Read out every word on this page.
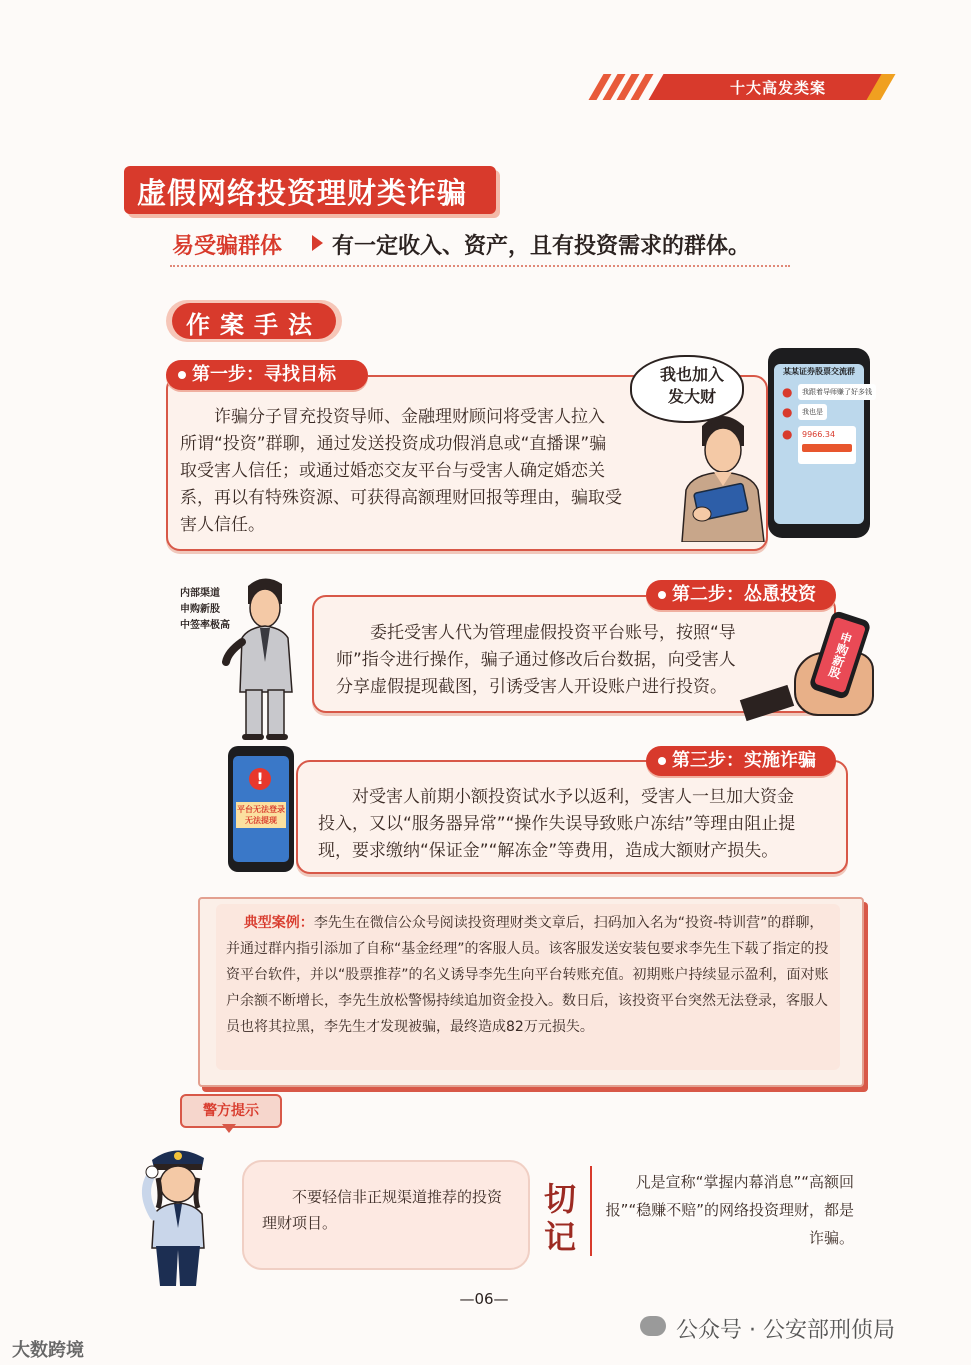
十大高发类案
虚假网络投资理财类诈骗
易受骗群体 有一定收入、资产，且有投资需求的群体。
作案手法
第一步：寻找目标
　　诈骗分子冒充投资导师、金融理财顾问将受害人拉入
所谓“投资”群聊，通过发送投资成功假消息或“直播课”骗
取受害人信任；或通过婚恋交友平台与受害人确定婚恋关
系，再以有特殊资源、可获得高额理财回报等理由，骗取受
害人信任。
我也加入
发大财
某某证券股票交流群
●	我跟着导师赚了好多钱
●	我也是
● 9966.34
第二步：怂恿投资
　　委托受害人代为管理虚假投资平台账号，按照“导
师”指令进行操作，骗子通过修改后台数据，向受害人
分享虚假提现截图，引诱受害人开设账户进行投资。
内部渠道
申购新股
中签率极高
申购新股
第三步：实施诈骗
　　对受害人前期小额投资试水予以返利，受害人一旦加大资金
投入，又以“服务器异常”“操作失误导致账户冻结”等理由阻止提
现，要求缴纳“保证金”“解冻金”等费用，造成大额财产损失。
!
平台无法登录
无法提现
典型案例：李先生在微信公众号阅读投资理财类文章后，扫码加入名为“投资-特训营”的群聊，并通过群内指引添加了自称“基金经理”的客服人员。该客服发送安装包要求李先生下载了指定的投资平台软件，并以“股票推荐”的名义诱导李先生向平台转账充值。初期账户持续显示盈利，面对账户余额不断增长，李先生放松警惕持续追加资金投入。数日后，该投资平台突然无法登录，客服人员也将其拉黑，李先生才发现被骗，最终造成82万元损失。
警方提示
　　不要轻信非正规渠道推荐的投资理财项目。
切
记
凡是宣称“掌握内幕消息”“高额回报”“稳赚不赔”的网络投资理财，都是诈骗。
—06—
公众号 · 公安部刑侦局
大数跨境
